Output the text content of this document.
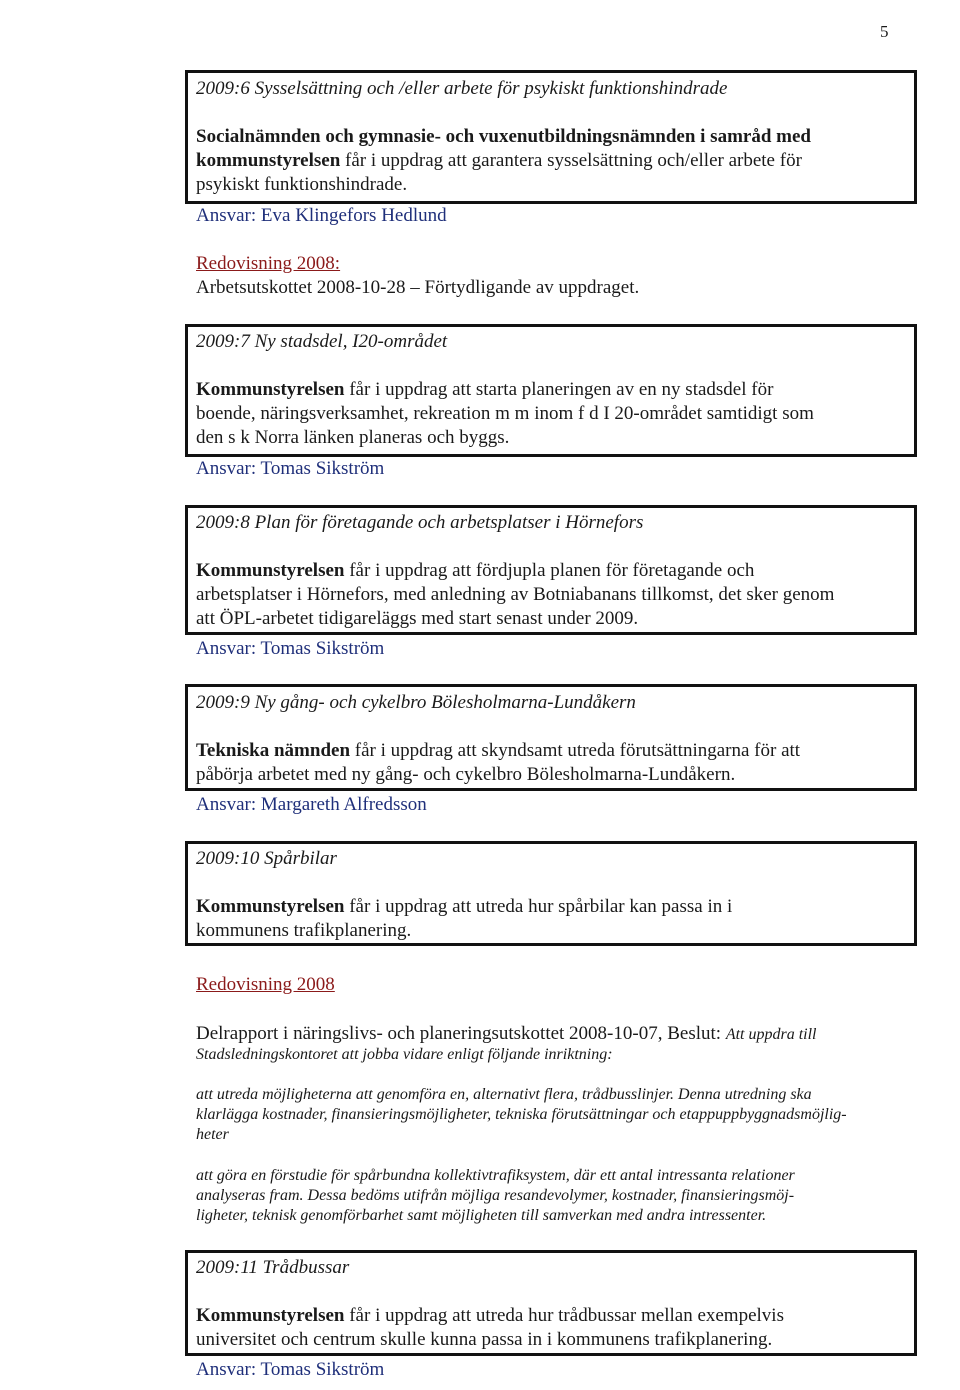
5
2009:6 Sysselsättning och /eller arbete för psykiskt funktionshindrade
Socialnämnden och gymnasie- och vuxenutbildningsnämnden i samråd med
kommunstyrelsen får i uppdrag att garantera sysselsättning och/eller arbete för
psykiskt funktionshindrade.
Ansvar: Eva Klingefors Hedlund
Redovisning 2008:
Arbetsutskottet 2008-10-28 – Förtydligande av uppdraget.
2009:7 Ny stadsdel, I20-området
Kommunstyrelsen får i uppdrag att starta planeringen av en ny stadsdel för
boende, näringsverksamhet, rekreation m m inom f d I 20-området samtidigt som
den s k Norra länken planeras och byggs.
Ansvar: Tomas Sikström
2009:8 Plan för företagande och arbetsplatser i Hörnefors
Kommunstyrelsen får i uppdrag att fördjupla planen för företagande och
arbetsplatser i Hörnefors, med anledning av Botniabanans tillkomst, det sker genom
att ÖPL-arbetet tidigareläggs med start senast under 2009.
Ansvar: Tomas Sikström
2009:9 Ny gång- och cykelbro Bölesholmarna-Lundåkern
Tekniska nämnden får i uppdrag att skyndsamt utreda förutsättningarna för att
påbörja arbetet med ny gång- och cykelbro Bölesholmarna-Lundåkern.
Ansvar: Margareth Alfredsson
2009:10 Spårbilar
Kommunstyrelsen får i uppdrag att utreda hur spårbilar kan passa in i
kommunens trafikplanering.
Redovisning 2008
Delrapport i näringslivs- och planeringsutskottet 2008-10-07, Beslut: Att uppdra till
Stadsledningskontoret att jobba vidare enligt följande inriktning:
att utreda möjligheterna att genomföra en, alternativt flera, trådbusslinjer. Denna utredning ska
klarlägga kostnader, finansieringsmöjligheter, tekniska förutsättningar och etappuppbyggnadsmöjlig-
heter
att göra en förstudie för spårbundna kollektivtrafiksystem, där ett antal intressanta relationer
analyseras fram. Dessa bedöms utifrån möjliga resandevolymer, kostnader, finansieringsmöj-
ligheter, teknisk genomförbarhet samt möjligheten till samverkan med andra intressenter.
2009:11 Trådbussar
Kommunstyrelsen får i uppdrag att utreda hur trådbussar mellan exempelvis
universitet och centrum skulle kunna passa in i kommunens trafikplanering.
Ansvar: Tomas Sikström
